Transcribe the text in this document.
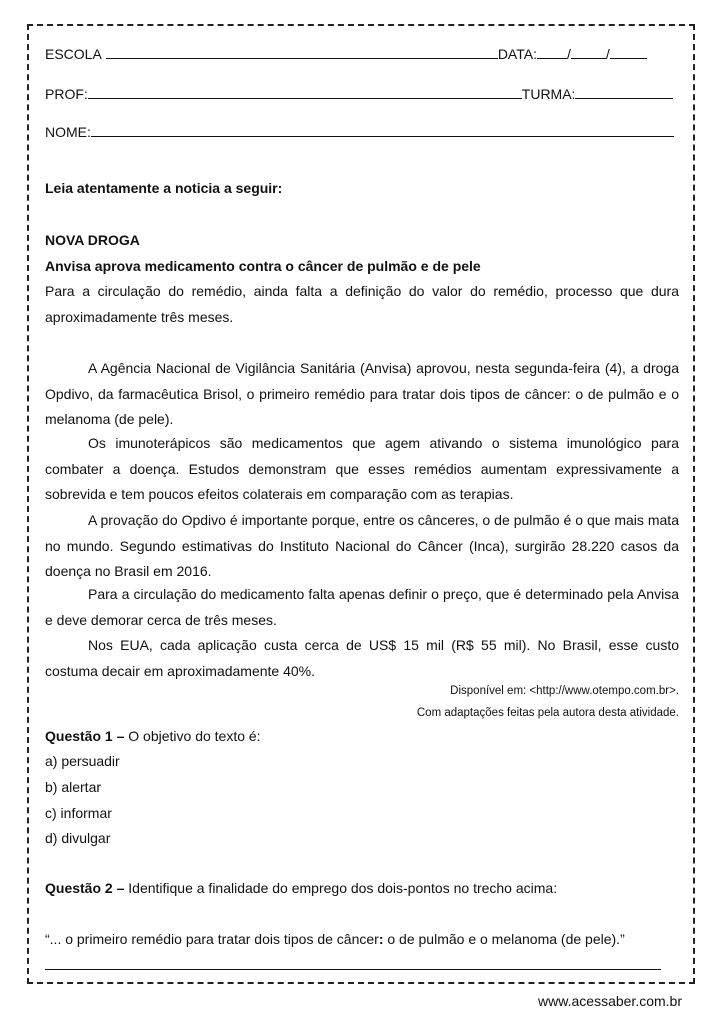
ESCOLA	DATA: /	/
PROF:	TURMA:
NOME:
Leia atentamente a noticia a seguir:
NOVA DROGA
Anvisa aprova medicamento contra o câncer de pulmão e de pele
Para a circulação do remédio, ainda falta a definição do valor do remédio, processo que dura aproximadamente três meses.
A Agência Nacional de Vigilância Sanitária (Anvisa) aprovou, nesta segunda-feira (4), a droga Opdivo, da farmacêutica Brisol, o primeiro remédio para tratar dois tipos de câncer: o de pulmão e o melanoma (de pele).
Os imunoterápicos são medicamentos que agem ativando o sistema imunológico para combater a doença. Estudos demonstram que esses remédios aumentam expressivamente a sobrevida e tem poucos efeitos colaterais em comparação com as terapias.
A provação do Opdivo é importante porque, entre os cânceres, o de pulmão é o que mais mata no mundo. Segundo estimativas do Instituto Nacional do Câncer (Inca), surgirão 28.220 casos da doença no Brasil em 2016.
Para a circulação do medicamento falta apenas definir o preço, que é determinado pela Anvisa e deve demorar cerca de três meses.
Nos EUA, cada aplicação custa cerca de US$ 15 mil (R$ 55 mil). No Brasil, esse custo costuma decair em aproximadamente 40%.
Disponível em: <http://www.otempo.com.br>.
Com adaptações feitas pela autora desta atividade.
Questão 1 – O objetivo do texto é:
a) persuadir
b) alertar
c) informar
d) divulgar
Questão 2 – Identifique a finalidade do emprego dos dois-pontos no trecho acima:
“... o primeiro remédio para tratar dois tipos de câncer: o de pulmão e o melanoma (de pele).”
www.acessaber.com.br
